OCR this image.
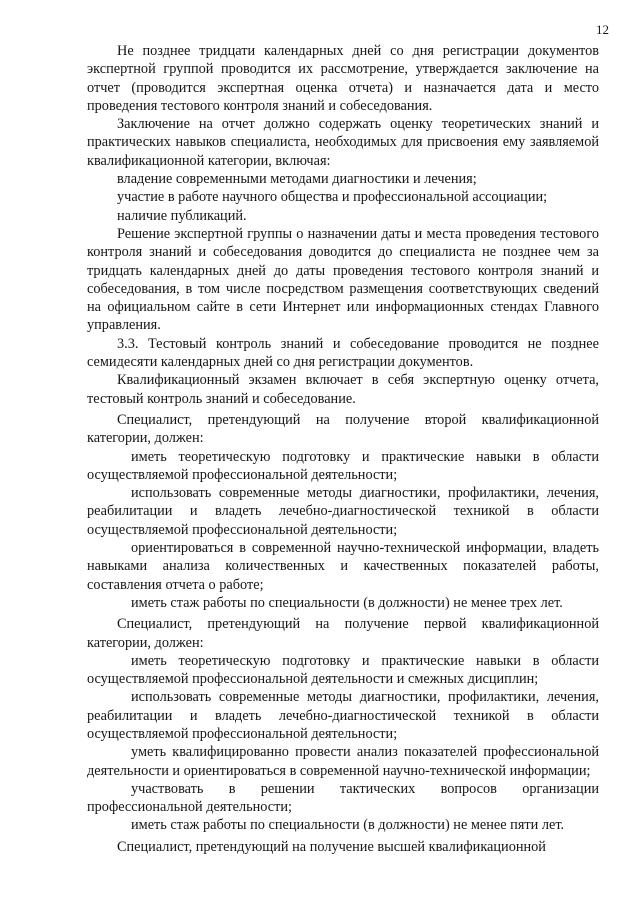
12

Не позднее тридцати календарных дней со дня регистрации документов экспертной группой проводится их рассмотрение, утверждается заключение на отчет (проводится экспертная оценка отчета) и назначается дата и место проведения тестового контроля знаний и собеседования.

Заключение на отчет должно содержать оценку теоретических знаний и практических навыков специалиста, необходимых для присвоения ему заявляемой квалификационной категории, включая:

владение современными методами диагностики и лечения;

участие в работе научного общества и профессиональной ассоциации;

наличие публикаций.

Решение экспертной группы о назначении даты и места проведения тестового контроля знаний и собеседования доводится до специалиста не позднее чем за тридцать календарных дней до даты проведения тестового контроля знаний и собеседования, в том числе посредством размещения соответствующих сведений на официальном сайте в сети Интернет или информационных стендах Главного управления.

3.3. Тестовый контроль знаний и собеседование проводится не позднее семидесяти календарных дней со дня регистрации документов.

Квалификационный экзамен включает в себя экспертную оценку отчета, тестовый контроль знаний и собеседование.

Специалист, претендующий на получение второй квалификационной категории, должен:

иметь теоретическую подготовку и практические навыки в области осуществляемой профессиональной деятельности;

использовать современные методы диагностики, профилактики, лечения, реабилитации и владеть лечебно-диагностической техникой в области осуществляемой профессиональной деятельности;

ориентироваться в современной научно-технической информации, владеть навыками анализа количественных и качественных показателей работы, составления отчета о работе;

иметь стаж работы по специальности (в должности) не менее трех лет.

Специалист, претендующий на получение первой квалификационной категории, должен:

иметь теоретическую подготовку и практические навыки в области осуществляемой профессиональной деятельности и смежных дисциплин;

использовать современные методы диагностики, профилактики, лечения, реабилитации и владеть лечебно-диагностической техникой в области осуществляемой профессиональной деятельности;

уметь квалифицированно провести анализ показателей профессиональной деятельности и ориентироваться в современной научно-технической информации;

участвовать в решении тактических вопросов организации профессиональной деятельности;

иметь стаж работы по специальности (в должности) не менее пяти лет.

Специалист, претендующий на получение высшей квалификационной
